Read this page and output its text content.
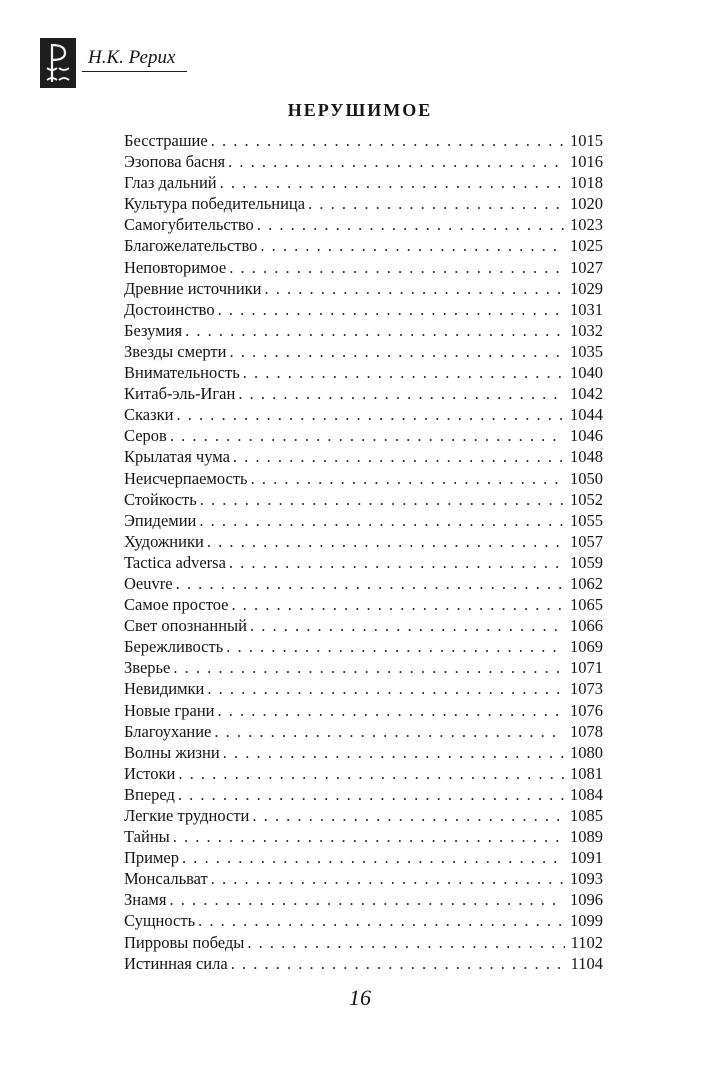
Н.К. Рерих
НЕРУШИМОЕ
Бесстрашие . . .	1015
Эзопова басня . . .	1016
Глаз дальний . . .	1018
Культура победительница . . .	1020
Самогубительство . . .	1023
Благожелательство . . .	1025
Неповторимое . . .	1027
Древние источники . . .	1029
Достоинство . . .	1031
Безумия . . .	1032
Звезды смерти . . .	1035
Внимательность . . .	1040
Китаб-эль-Иган . . .	1042
Сказки . . .	1044
Серов . . .	1046
Крылатая чума . . .	1048
Неисчерпаемость . . .	1050
Стойкость . . .	1052
Эпидемии . . .	1055
Художники . . .	1057
Tactica adversa . . .	1059
Oeuvre . . .	1062
Самое простое . . .	1065
Свет опознанный . . .	1066
Бережливость . . .	1069
Зверье . . .	1071
Невидимки . . .	1073
Новые грани . . .	1076
Благоухание . . .	1078
Волны жизни . . .	1080
Истоки . . .	1081
Вперед . . .	1084
Легкие трудности . . .	1085
Тайны . . .	1089
Пример . . .	1091
Монсальват . . .	1093
Знамя . . .	1096
Сущность . . .	1099
Пирровы победы . . .	1102
Истинная сила . . .	1104
16
